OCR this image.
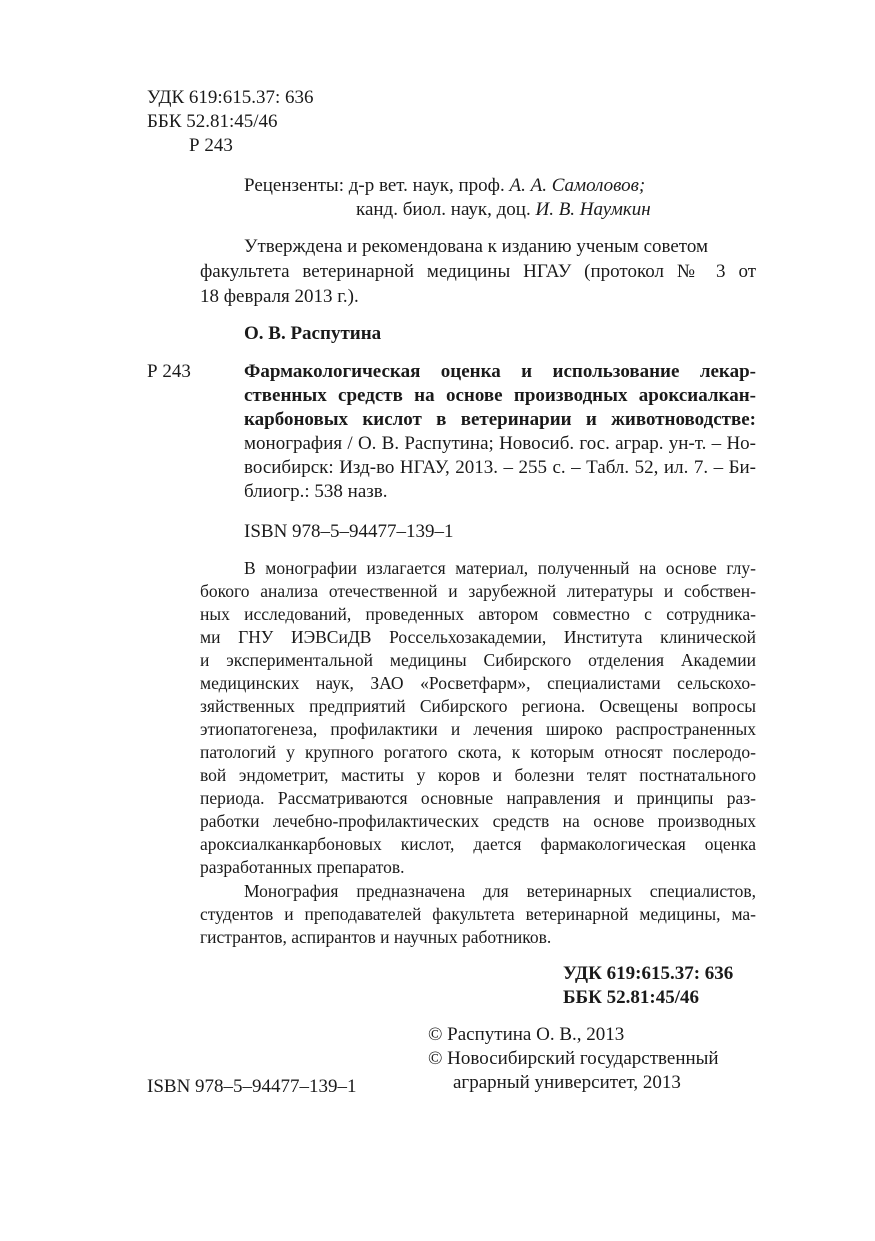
УДК 619:615.37: 636
ББК 52.81:45/46
Р 243
Рецензенты: д-р вет. наук, проф. А. А. Самоловов;
канд. биол. наук, доц. И. В. Наумкин
Утверждена и рекомендована к изданию ученым советом
факультета ветеринарной медицины НГАУ (протокол № 3 от
18 февраля 2013 г.).
О. В. Распутина
Р 243	Фармакологическая оценка и использование лекар-
ственных средств на основе производных ароксиалкан-
карбоновых кислот в ветеринарии и животноводстве:
монография / О. В. Распутина; Новосиб. гос. аграр. ун-т. – Но-
восибирск: Изд-во НГАУ, 2013. – 255 с. – Табл. 52, ил. 7. – Би-
блиогр.: 538 назв.
ISBN 978–5–94477–139–1
В монографии излагается материал, полученный на основе глу-
бокого анализа отечественной и зарубежной литературы и собствен-
ных исследований, проведенных автором совместно с сотрудника-
ми ГНУ ИЭВСиДВ Россельхозакадемии, Института клинической
и экспериментальной медицины Сибирского отделения Академии
медицинских наук, ЗАО «Росветфарм», специалистами сельскохо-
зяйственных предприятий Сибирского региона. Освещены вопросы
этиопатогенеза, профилактики и лечения широко распространенных
патологий у крупного рогатого скота, к которым относят послеродо-
вой эндометрит, маститы у коров и болезни телят постнатального
периода. Рассматриваются основные направления и принципы раз-
работки лечебно-профилактических средств на основе производных
ароксиалканкарбоновых кислот, дается фармакологическая оценка
разработанных препаратов.
Монография предназначена для ветеринарных специалистов,
студентов и преподавателей факультета ветеринарной медицины, ма-
гистрантов, аспирантов и научных работников.
УДК 619:615.37: 636
ББК 52.81:45/46
© Распутина О. В., 2013
© Новосибирский государственный
аграрный университет, 2013
ISBN 978–5–94477–139–1
